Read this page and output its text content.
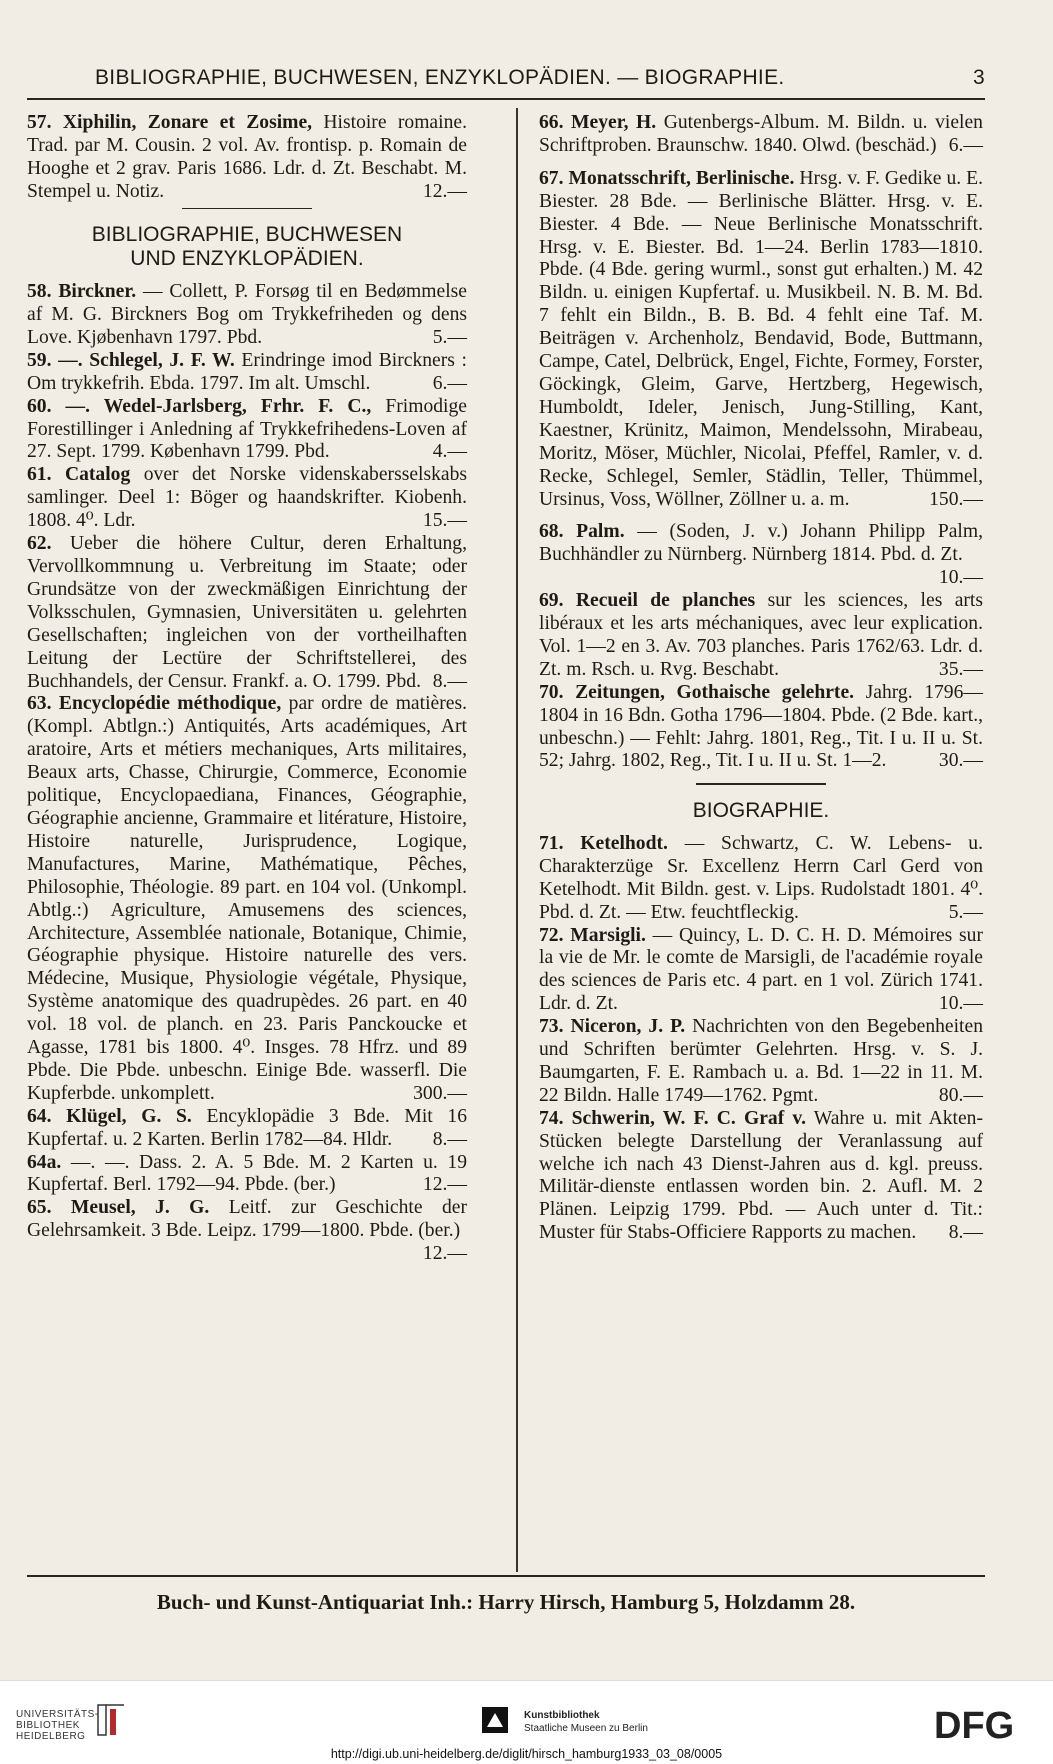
BIBLIOGRAPHIE, BUCHWESEN, ENZYKLOPÄDIEN. — BIOGRAPHIE.	3
57. Xiphilin, Zonare et Zosime, Histoire romaine. Trad. par M. Cousin. 2 vol. Av. frontisp. p. Romain de Hooghe et 2 grav. Paris 1686. Ldr. d. Zt. Beschabt. M. Stempel u. Notiz.	12.—
BIBLIOGRAPHIE, BUCHWESEN
UND ENZYKLOPÄDIEN.
58. Birckner. — Collett, P. Forsøg til en Bedømmelse af M. G. Birckners Bog om Trykkefriheden og dens Love. Kjøbenhavn 1797. Pbd.	5.—
59. —. Schlegel, J. F. W. Erindringe imod Birckners : Om trykkefrih. Ebda. 1797. Im alt. Umschl.	6.—
60. —. Wedel-Jarlsberg, Frhr. F. C., Frimodige Forestillinger i Anledning af Trykkefrihedens-Loven af 27. Sept. 1799. København 1799. Pbd.	4.—
61. Catalog over det Norske videnskabersselskabs samlinger. Deel 1: Böger og haandskrifter. Kiobenh. 1808. 4⁰. Ldr.	15.—
62. Ueber die höhere Cultur, deren Erhaltung, Vervollkommnung u. Verbreitung im Staate; oder Grundsätze von der zweckmäßigen Einrichtung der Volksschulen, Gymnasien, Universitäten u. gelehrten Gesellschaften; ingleichen von der vortheilhaften Leitung der Lectüre der Schriftstellerei, des Buchhandels, der Censur. Frankf. a. O. 1799. Pbd. 8.—
63. Encyclopédie méthodique, par ordre de matières. (Kompl. Abtlgn.:) Antiquités, Arts académiques, Art aratoire, Arts et métiers mechaniques, Arts militaires, Beaux arts, Chasse, Chirurgie, Commerce, Economie politique, Encyclopaediana, Finances, Géographie, Géographie ancienne, Grammaire et litérature, Histoire, Histoire naturelle, Jurisprudence, Logique, Manufactures, Marine, Mathématique, Pêches, Philosophie, Théologie. 89 part. en 104 vol. (Unkompl. Abtlg.:) Agriculture, Amusemens des sciences, Architecture, Assemblée nationale, Botanique, Chimie, Géographie physique. Histoire naturelle des vers. Médecine, Musique, Physiologie végétale, Physique, Système anatomique des quadrupèdes. 26 part. en 40 vol. 18 vol. de planch. en 23. Paris Panckoucke et Agasse, 1781 bis 1800. 4⁰. Insges. 78 Hfrz. und 89 Pbde. Die Pbde. unbeschn. Einige Bde. wasserfl. Die Kupferbde. unkomplett.	300.—
64. Klügel, G. S. Encyklopädie 3 Bde. Mit 16 Kupfertaf. u. 2 Karten. Berlin 1782—84. Hldr.	8.—
64a. —. —. Dass. 2. A. 5 Bde. M. 2 Karten u. 19 Kupfertaf. Berl. 1792—94. Pbde. (ber.)	12.—
65. Meusel, J. G. Leitf. zur Geschichte der Gelehrsamkeit. 3 Bde. Leipz. 1799—1800. Pbde. (ber.)
12.—
66. Meyer, H. Gutenbergs-Album. M. Bildn. u. vielen Schriftproben. Braunschw. 1840. Olwd. (beschäd.) 6.—
67. Monatsschrift, Berlinische. Hrsg. v. F. Gedike u. E. Biester. 28 Bde. — Berlinische Blätter. Hrsg. v. E. Biester. 4 Bde. — Neue Berlinische Monatsschrift. Hrsg. v. E. Biester. Bd. 1—24. Berlin 1783—1810. Pbde. (4 Bde. gering wurml., sonst gut erhalten.) M. 42 Bildn. u. einigen Kupfertaf. u. Musikbeil. N. B. M. Bd. 7 fehlt ein Bildn., B. B. Bd. 4 fehlt eine Taf. M. Beiträgen v. Archenholz, Bendavid, Bode, Buttmann, Campe, Catel, Delbrück, Engel, Fichte, Formey, Forster, Göckingk, Gleim, Garve, Hertzberg, Hegewisch, Humboldt, Ideler, Jenisch, Jung-Stilling, Kant, Kaestner, Krünitz, Maimon, Mendelssohn, Mirabeau, Moritz, Möser, Müchler, Nicolai, Pfeffel, Ramler, v. d. Recke, Schlegel, Semler, Städlin, Teller, Thümmel, Ursinus, Voss, Wöllner, Zöllner u. a. m.	150.—
68. Palm. — (Soden, J. v.) Johann Philipp Palm, Buchhändler zu Nürnberg. Nürnberg 1814. Pbd. d. Zt.
10.—
69. Recueil de planches sur les sciences, les arts libéraux et les arts méchaniques, avec leur explication. Vol. 1—2 en 3. Av. 703 planches. Paris 1762/63. Ldr. d. Zt. m. Rsch. u. Rvg. Beschabt.	35.—
70. Zeitungen, Gothaische gelehrte. Jahrg. 1796—1804 in 16 Bdn. Gotha 1796—1804. Pbde. (2 Bde. kart., unbeschn.) — Fehlt: Jahrg. 1801, Reg., Tit. I u. II u. St. 52; Jahrg. 1802, Reg., Tit. I u. II u. St. 1—2.	30.—
BIOGRAPHIE.
71. Ketelhodt. — Schwartz, C. W. Lebens- u. Charakterzüge Sr. Excellenz Herrn Carl Gerd von Ketelhodt. Mit Bildn. gest. v. Lips. Rudolstadt 1801. 4⁰. Pbd. d. Zt. — Etw. feuchtfleckig.	5.—
72. Marsigli. — Quincy, L. D. C. H. D. Mémoires sur la vie de Mr. le comte de Marsigli, de l'académie royale des sciences de Paris etc. 4 part. en 1 vol. Zürich 1741. Ldr. d. Zt.	10.—
73. Niceron, J. P. Nachrichten von den Begebenheiten und Schriften berümter Gelehrten. Hrsg. v. S. J. Baumgarten, F. E. Rambach u. a. Bd. 1—22 in 11. M. 22 Bildn. Halle 1749—1762. Pgmt.	80.—
74. Schwerin, W. F. C. Graf v. Wahre u. mit Akten-Stücken belegte Darstellung der Veranlassung auf welche ich nach 43 Dienst-Jahren aus d. kgl. preuss. Militär-dienste entlassen worden bin. 2. Aufl. M. 2 Plänen. Leipzig 1799. Pbd. — Auch unter d. Tit.: Muster für Stabs-Officiere Rapports zu machen.	8.—
Buch- und Kunst-Antiquariat Inh.: Harry Hirsch, Hamburg 5, Holzdamm 28.
UNIVERSITÄTS-
BIBLIOTHEK
HEIDELBERG
Kunstbibliothek
Staatliche Museen zu Berlin	DFG
http://digi.ub.uni-heidelberg.de/diglit/hirsch_hamburg1933_03_08/0005
